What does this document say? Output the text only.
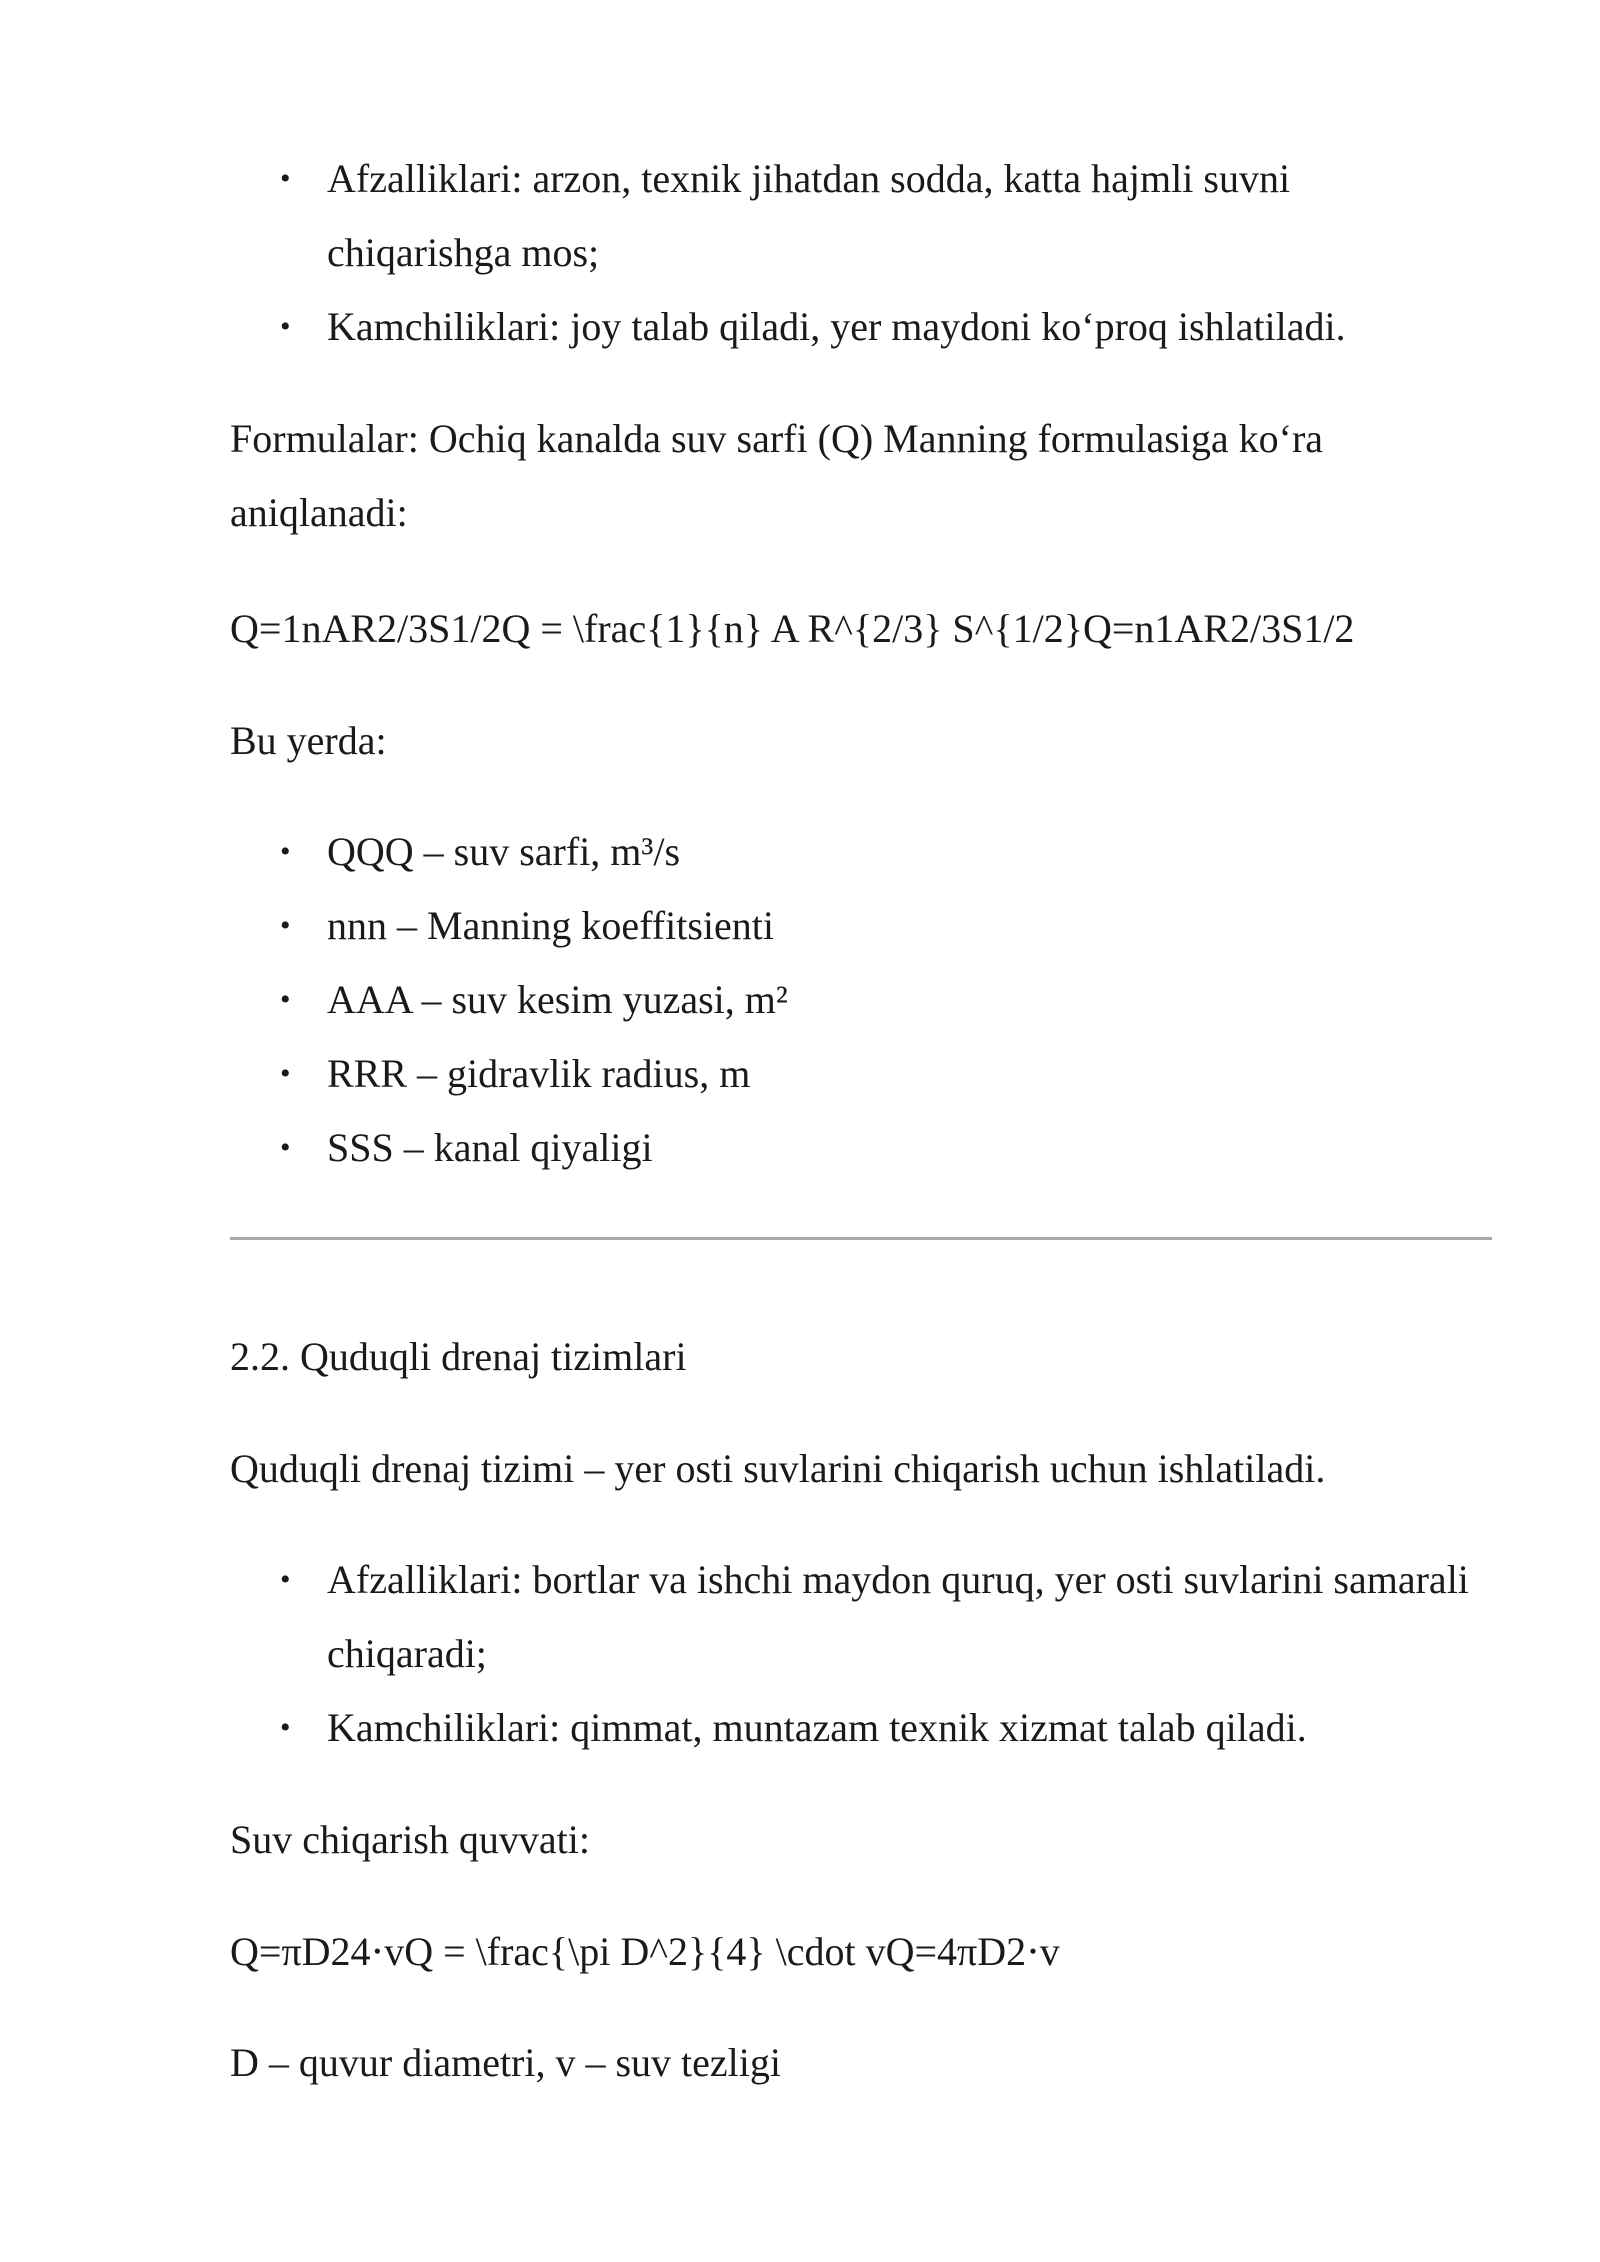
• Afzalliklari: arzon, texnik jihatdan sodda, katta hajmli suvni chiqarishga mos;
• Kamchiliklari: joy talab qiladi, yer maydoni ko‘proq ishlatiladi.

Formulalar: Ochiq kanalda suv sarfi (Q) Manning formulasiga ko‘ra aniqlanadi:

Q=1nAR2/3S1/2Q = \frac{1}{n} A R^{2/3} S^{1/2}Q=n1AR2/3S1/2

Bu yerda:

• QQQ – suv sarfi, m³/s
• nnn – Manning koeffitsienti
• AAA – suv kesim yuzasi, m²
• RRR – gidravlik radius, m
• SSS – kanal qiyaligi

2.2. Quduqli drenaj tizimlari

Quduqli drenaj tizimi – yer osti suvlarini chiqarish uchun ishlatiladi.

• Afzalliklari: bortlar va ishchi maydon quruq, yer osti suvlarini samarali chiqaradi;
• Kamchiliklari: qimmat, muntazam texnik xizmat talab qiladi.

Suv chiqarish quvvati:

Q=πD24⋅vQ = \frac{\pi D^2}{4} \cdot vQ=4πD2⋅v

D – quvur diametri, v – suv tezligi
